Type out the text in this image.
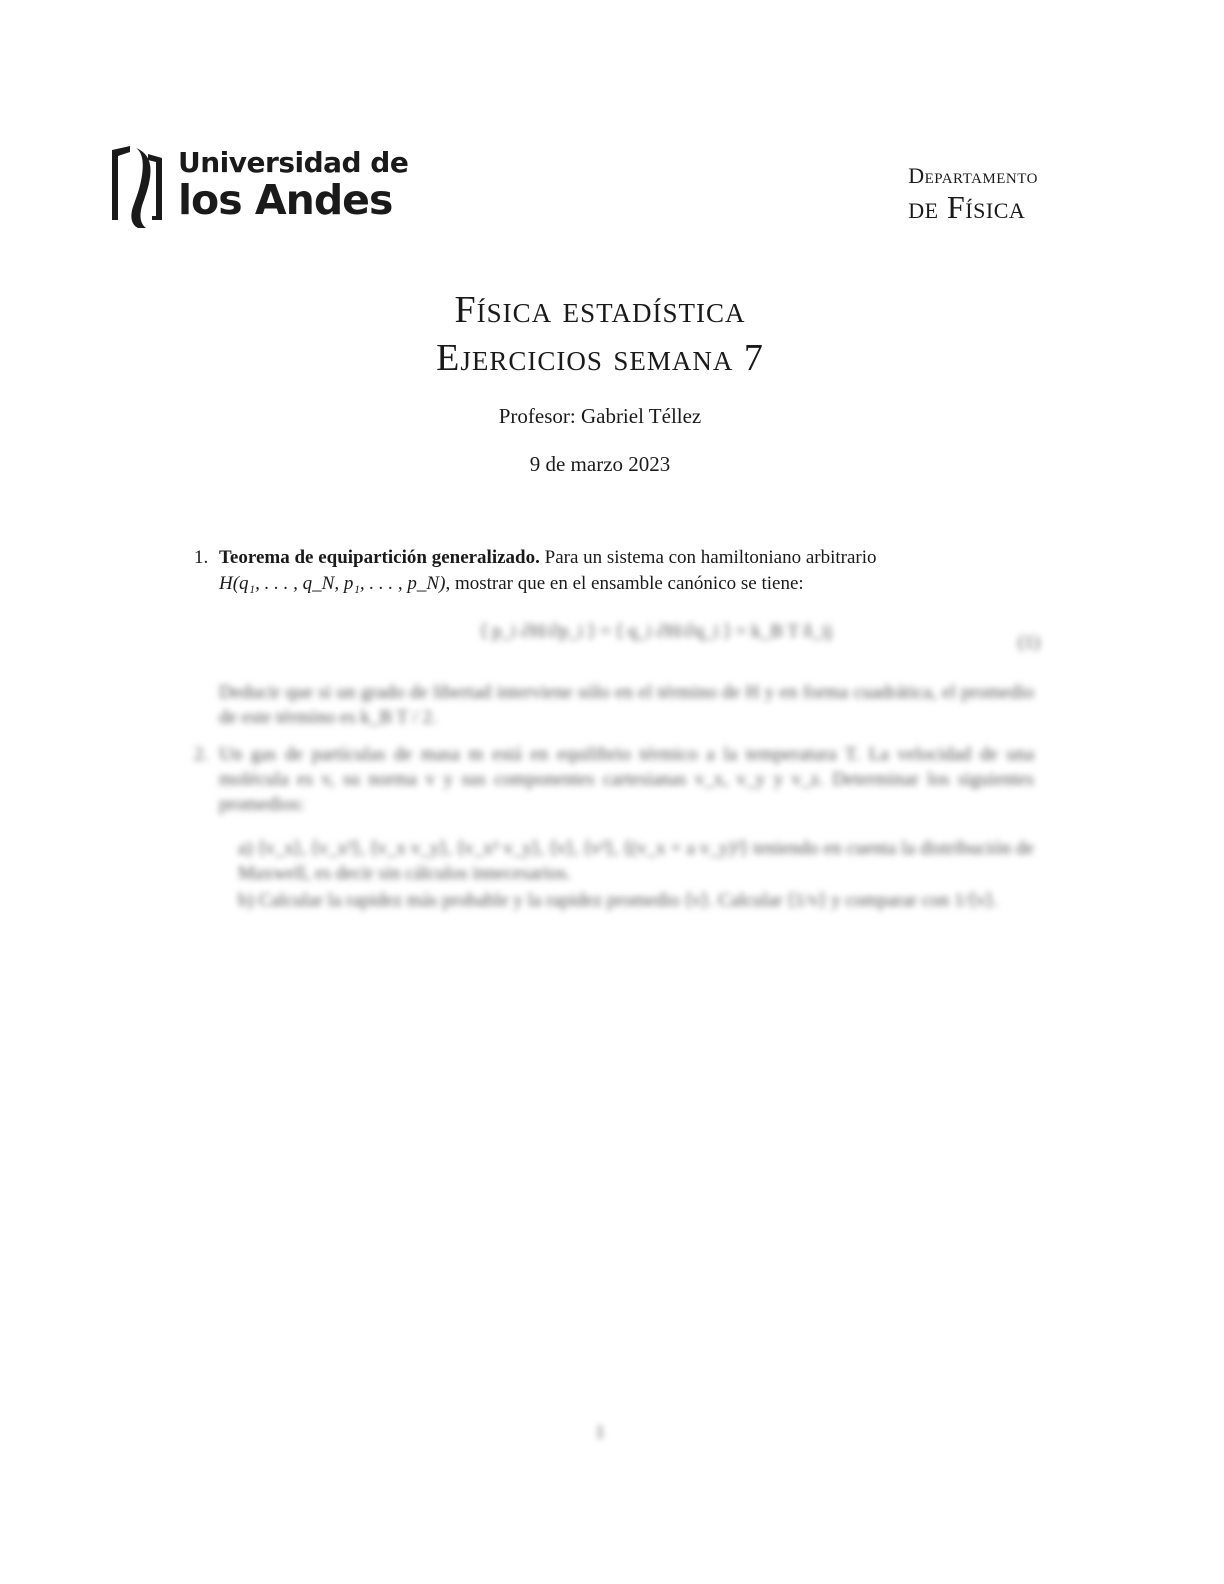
Universidad de
los Andes
Departamento
de Física
Física estadística
Ejercicios semana 7
Profesor: Gabriel Téllez
9 de marzo 2023
1. Teorema de equipartición generalizado. Para un sistema con hamiltoniano arbitrario
H(q₁, . . . , q_N, p₁, . . . , p_N), mostrar que en el ensamble canónico se tiene:
⟨ p_i ∂H/∂p_i ⟩ = ⟨ q_i ∂H/∂q_i ⟩ = k_B T δ_ij
(1)
Deducir que si un grado de libertad interviene sólo en el término de H y en forma cuadrática, el promedio de este término es k_B T / 2.
2. Un gas de partículas de masa m está en equilibrio térmico a la temperatura T. La velocidad de una molécula es v, su norma v y sus componentes cartesianas v_x, v_y y v_z. Determinar los siguientes promedios:
a) ⟨v_x⟩, ⟨v_x²⟩, ⟨v_x v_y⟩, ⟨v_x³ v_y⟩, ⟨v⟩, ⟨v²⟩, ⟨(v_x + a v_y)²⟩ teniendo en cuenta la distribución de Maxwell, es decir sin cálculos innecesarios.
b) Calcular la rapidez más probable y la rapidez promedio ⟨v⟩. Calcular ⟨1/v⟩ y comparar con 1/⟨v⟩.
1
